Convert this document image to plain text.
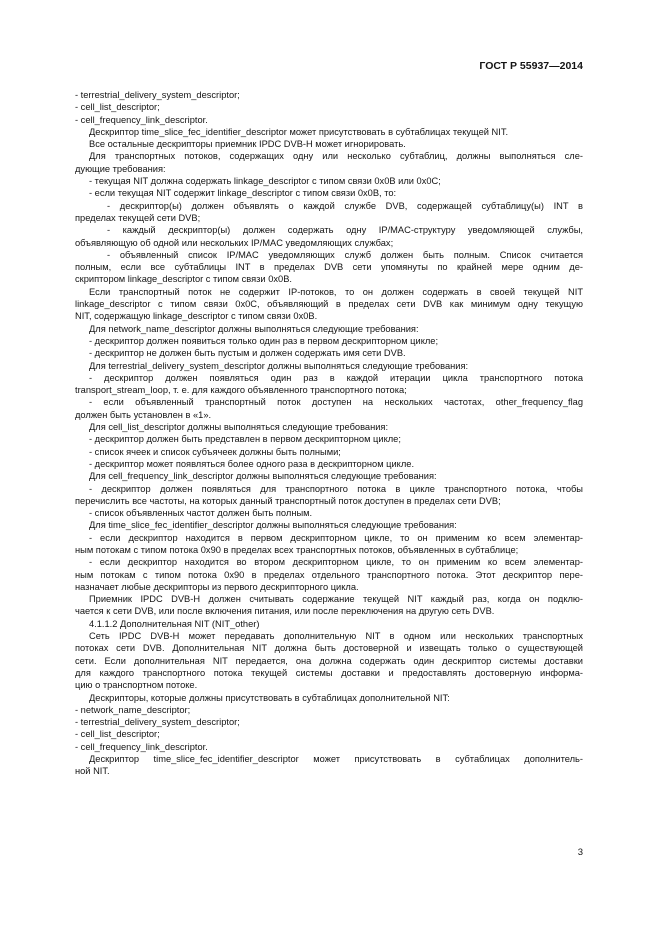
ГОСТ Р 55937—2014
- terrestrial_delivery_system_descriptor;
- cell_list_descriptor;
- cell_frequency_link_descriptor.
Дескриптор time_slice_fec_identifier_descriptor может присутствовать в субтаблицах текущей NIT.
Все остальные дескрипторы приемник IPDC DVB-H может игнорировать.
Для транспортных потоков, содержащих одну или несколько субтаблиц, должны выполняться сле-
дующие требования:
- текущая NIT должна содержать linkage_descriptor с типом связи 0x0B или 0x0C;
- если текущая NIT содержит linkage_descriptor с типом связи 0x0B, то:
- дескриптор(ы) должен объявлять о каждой службе DVB, содержащей субтаблицу(ы) INT в
пределах текущей сети DVB;
- каждый дескриптор(ы) должен содержать одну IP/MAC-структуру уведомляющей службы,
объявляющую об одной или нескольких IP/MAC уведомляющих службах;
- объявленный список IP/MAC уведомляющих служб должен быть полным. Список считается
полным, если все субтаблицы INT в пределах DVB сети упомянуты по крайней мере одним де-
скриптором linkage_descriptor с типом связи 0x0B.
Если транспортный поток не содержит IP-потоков, то он должен содержать в своей текущей NIT
linkage_descriptor с типом связи 0x0C, объявляющий в пределах сети DVB как минимум одну текущую
NIT, содержащую linkage_descriptor с типом связи 0x0B.
Для network_name_descriptor должны выполняться следующие требования:
- дескриптор должен появиться только один раз в первом дескрипторном цикле;
- дескриптор не должен быть пустым и должен содержать имя сети DVB.
Для terrestrial_delivery_system_descriptor должны выполняться следующие требования:
- дескриптор должен появляться один раз в каждой итерации цикла транспортного потока
transport_stream_loop, т. е. для каждого объявленного транспортного потока;
- если объявленный транспортный поток доступен на нескольких частотах, other_frequency_flag
должен быть установлен в «1».
Для cell_list_descriptor должны выполняться следующие требования:
- дескриптор должен быть представлен в первом дескрипторном цикле;
- список ячеек и список субъячеек должны быть полными;
- дескриптор может появляться более одного раза в дескрипторном цикле.
Для cell_frequency_link_descriptor должны выполняться следующие требования:
- дескриптор должен появляться для транспортного потока в цикле транспортного потока, чтобы
перечислить все частоты, на которых данный транспортный поток доступен в пределах сети DVB;
- список объявленных частот должен быть полным.
Для time_slice_fec_identifier_descriptor должны выполняться следующие требования:
- если дескриптор находится в первом дескрипторном цикле, то он применим ко всем элементар-
ным потокам с типом потока 0x90 в пределах всех транспортных потоков, объявленных в субтаблице;
- если дескриптор находится во втором дескрипторном цикле, то он применим ко всем элементар-
ным потокам с типом потока 0x90 в пределах отдельного транспортного потока. Этот дескриптор пере-
назначает любые дескрипторы из первого дескрипторного цикла.
Приемник IPDC DVB-H должен считывать содержание текущей NIT каждый раз, когда он подклю-
чается к сети DVB, или после включения питания, или после переключения на другую сеть DVB.
4.1.1.2 Дополнительная NIT (NIT_other)
Сеть IPDC DVB-H может передавать дополнительную NIT в одном или нескольких транспортных
потоках сети DVB. Дополнительная NIT должна быть достоверной и извещать только о существующей
сети. Если дополнительная NIT передается, она должна содержать один дескриптор системы доставки
для каждого транспортного потока текущей системы доставки и предоставлять достоверную информа-
цию о транспортном потоке.
Дескрипторы, которые должны присутствовать в субтаблицах дополнительной NIT:
- network_name_descriptor;
- terrestrial_delivery_system_descriptor;
- cell_list_descriptor;
- cell_frequency_link_descriptor.
Дескриптор time_slice_fec_identifier_descriptor может присутствовать в субтаблицах дополнитель-
ной NIT.
3
